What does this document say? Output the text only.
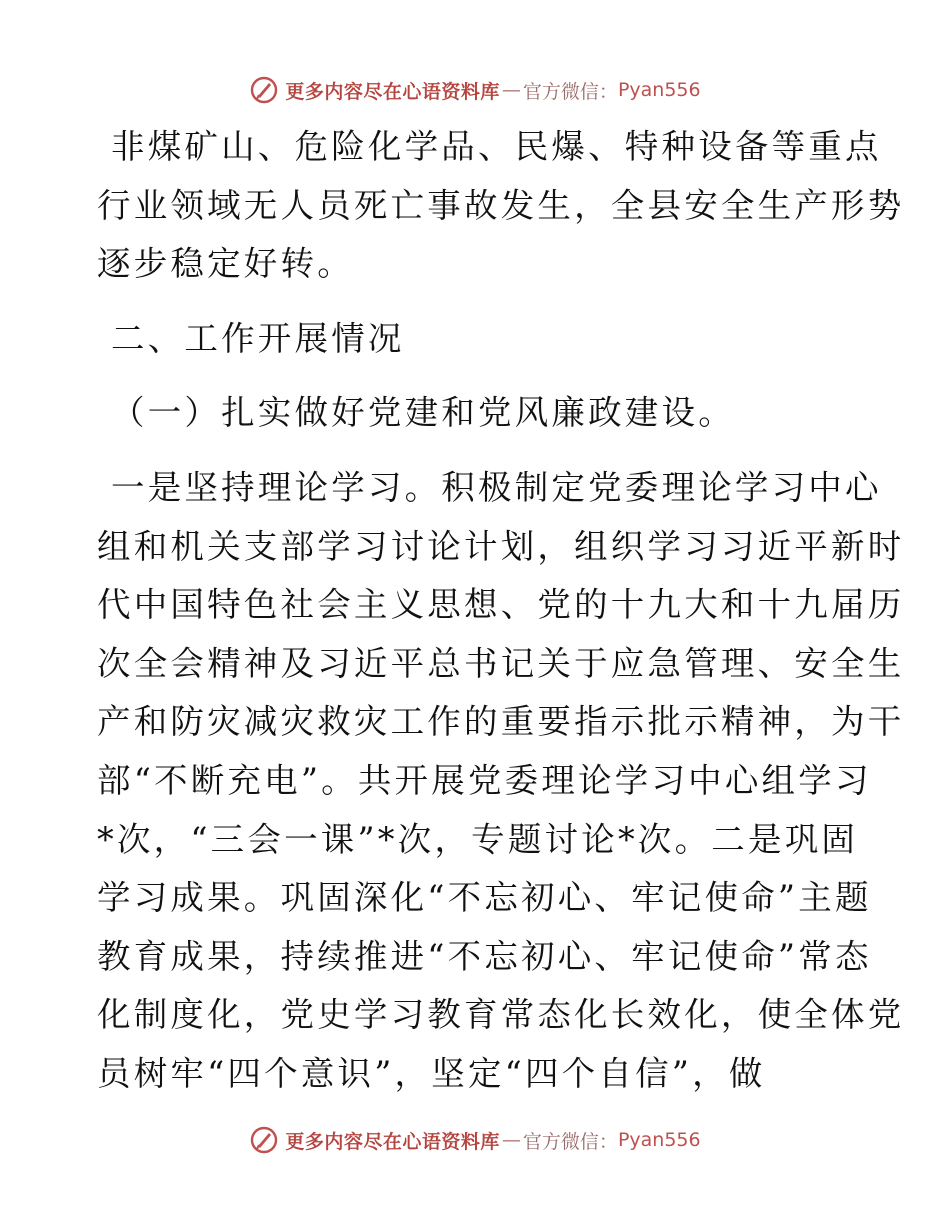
更多内容尽在心语资料库 — 官方微信： Pyan556
非煤矿山、危险化学品、民爆、特种设备等重点
行业领域无人员死亡事故发生，全县安全生产形势
逐步稳定好转。
二、工作开展情况
（一）扎实做好党建和党风廉政建设。
一是坚持理论学习。积极制定党委理论学习中心
组和机关支部学习讨论计划，组织学习习近平新时
代中国特色社会主义思想、党的十九大和十九届历
次全会精神及习近平总书记关于应急管理、安全生
产和防灾减灾救灾工作的重要指示批示精神，为干
部“不断充电”。共开展党委理论学习中心组学习
*次，“三会一课”*次，专题讨论*次。二是巩固
学习成果。巩固深化“不忘初心、牢记使命”主题
教育成果，持续推进“不忘初心、牢记使命”常态
化制度化，党史学习教育常态化长效化，使全体党
员树牢“四个意识”，坚定“四个自信”，做
更多内容尽在心语资料库 — 官方微信： Pyan556
